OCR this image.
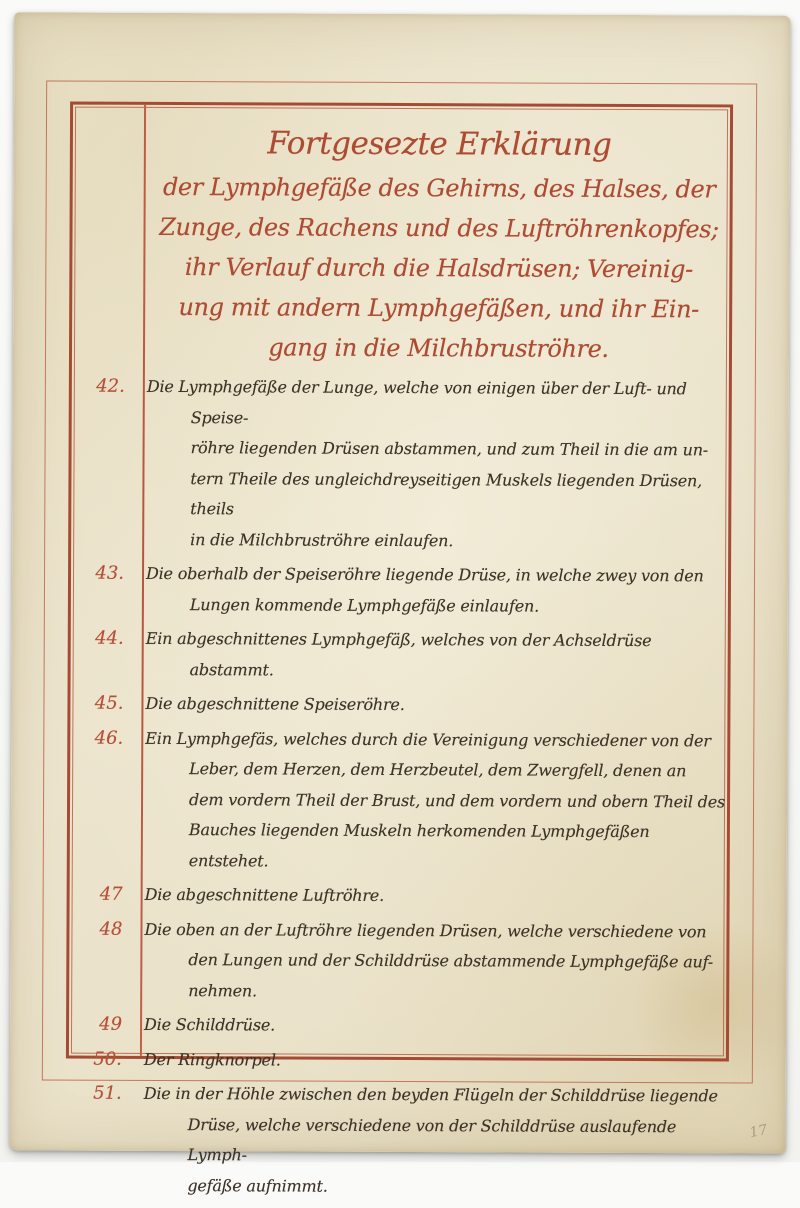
Fortgesezte Erklärung
der Lymphgefäße des Gehirns, des Halses, der
Zunge, des Rachens und des Luftröhrenkopfes;
ihr Verlauf durch die Halsdrüsen; Vereinig-
ung mit andern Lymphgefäßen, und ihr Ein-
gang in die Milchbruströhre.
42.	Die Lymphgefäße der Lunge, welche von einigen über der Luft- und Speise-
röhre liegenden Drüsen abstammen, und zum Theil in die am un-
tern Theile des ungleichdreyseitigen Muskels liegenden Drüsen, theils
in die Milchbruströhre einlaufen.
43.	Die oberhalb der Speiseröhre liegende Drüse, in welche zwey von den
Lungen kommende Lymphgefäße einlaufen.
44.	Ein abgeschnittenes Lymphgefäß, welches von der Achseldrüse abstammt.
45.	Die abgeschnittene Speiseröhre.
46.	Ein Lymphgefäs, welches durch die Vereinigung verschiedener von der
Leber, dem Herzen, dem Herzbeutel, dem Zwergfell, denen an
dem vordern Theil der Brust, und dem vordern und obern Theil des
Bauches liegenden Muskeln herkomenden Lymphgefäßen entstehet.
47	Die abgeschnittene Luftröhre.
48	Die oben an der Luftröhre liegenden Drüsen, welche verschiedene von
den Lungen und der Schilddrüse abstammende Lymphgefäße auf-
nehmen.
49	Die Schilddrüse.
50.	Der Ringknorpel.
51.	Die in der Höhle zwischen den beyden Flügeln der Schilddrüse liegende
Drüse, welche verschiedene von der Schilddrüse auslaufende Lymph-
gefäße aufnimmt.
17
